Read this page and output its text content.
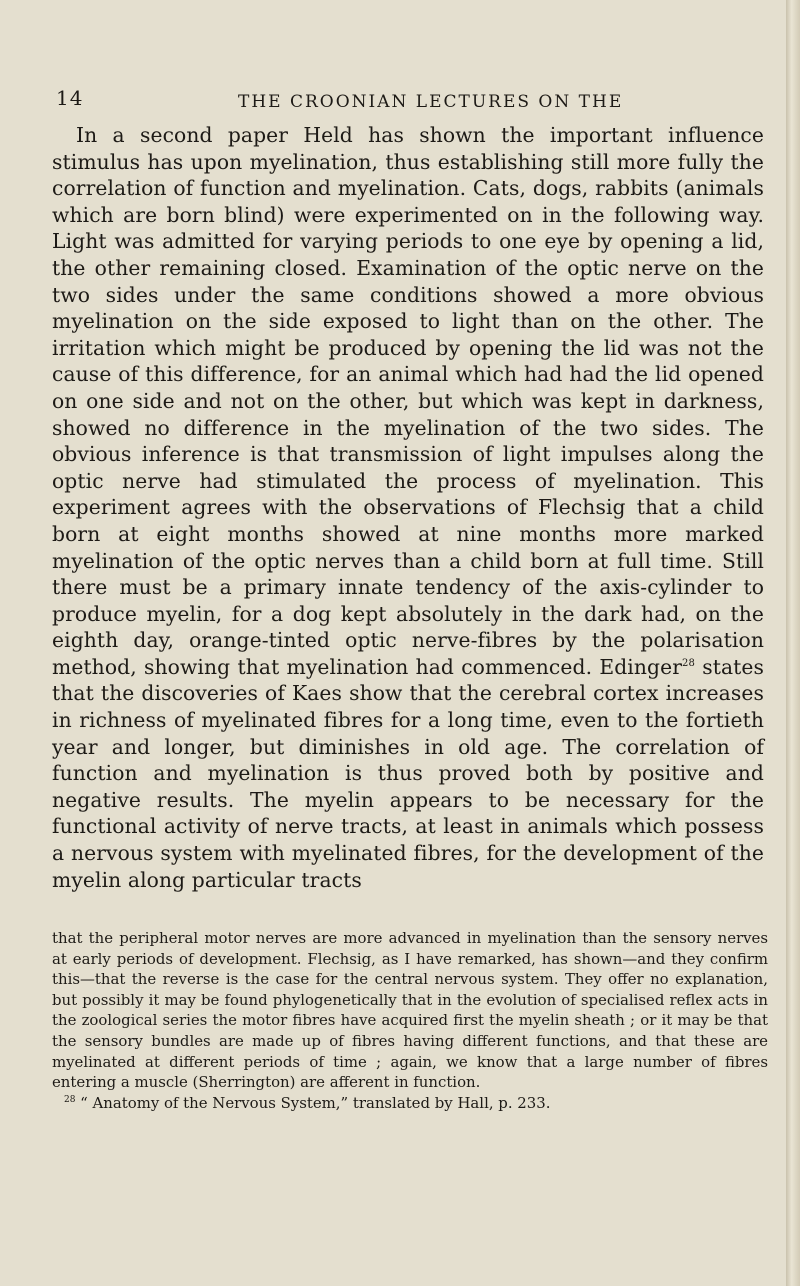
14	THE CROONIAN LECTURES ON THE

In a second paper Held has shown the important influence stimulus has upon myelination, thus establishing still more fully the correlation of function and myelination. Cats, dogs, rabbits (animals which are born blind) were experimented on in the following way. Light was admitted for varying periods to one eye by opening a lid, the other remaining closed. Examination of the optic nerve on the two sides under the same conditions showed a more obvious myelination on the side exposed to light than on the other. The irritation which might be produced by opening the lid was not the cause of this difference, for an animal which had had the lid opened on one side and not on the other, but which was kept in darkness, showed no difference in the myelination of the two sides. The obvious inference is that transmission of light impulses along the optic nerve had stimulated the process of myelination. This experiment agrees with the observations of Flechsig that a child born at eight months showed at nine months more marked myelination of the optic nerves than a child born at full time. Still there must be a primary innate tendency of the axis-cylinder to produce myelin, for a dog kept absolutely in the dark had, on the eighth day, orange-tinted optic nerve-fibres by the polarisation method, showing that myelination had commenced. Edinger$^{28}$ states that the discoveries of Kaes show that the cerebral cortex increases in richness of myelinated fibres for a long time, even to the fortieth year and longer, but diminishes in old age. The correlation of function and myelination is thus proved both by positive and negative results. The myelin appears to be necessary for the functional activity of nerve tracts, at least in animals which possess a nervous system with myelinated fibres, for the development of the myelin along particular tracts

that the peripheral motor nerves are more advanced in myelination than the sensory nerves at early periods of development. Flechsig, as I have remarked, has shown—and they confirm this—that the reverse is the case for the central nervous system. They offer no explanation, but possibly it may be found phylogenetically that in the evolution of specialised reflex acts in the zoological series the motor fibres have acquired first the myelin sheath ; or it may be that the sensory bundles are made up of fibres having different functions, and that these are myelinated at different periods of time ; again, we know that a large number of fibres entering a muscle (Sherrington) are afferent in function.

$^{28}$ “ Anatomy of the Nervous System,” translated by Hall, p. 233.
